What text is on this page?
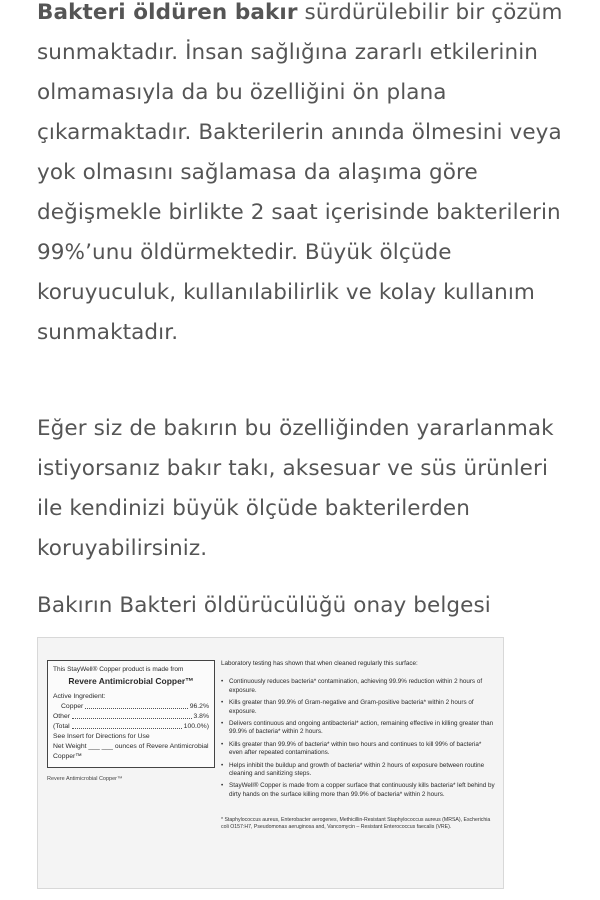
Bakteri öldüren bakır sürdürülebilir bir çözüm sunmaktadır. İnsan sağlığına zararlı etkilerinin olmamasıyla da bu özelliğini ön plana çıkarmaktadır. Bakterilerin anında ölmesini veya yok olmasını sağlamasa da alaşıma göre değişmekle birlikte 2 saat içerisinde bakterilerin 99%’unu öldürmektedir. Büyük ölçüde koruyuculuk, kullanılabilirlik ve kolay kullanım sunmaktadır.

Eğer siz de bakırın bu özelliğinden yararlanmak istiyorsanız bakır takı, aksesuar ve süs ürünleri ile kendinizi büyük ölçüde bakterilerden koruyabilirsiniz.

Bakırın Bakteri öldürücülüğü onay belgesi

This StayWell® Copper product is made from
Revere Antimicrobial Copper™
Active Ingredient:
Copper	96.2%
Other	3.8%
(Total	100.0%)
See Insert for Directions for Use
Net Weight ___ ___ ounces of Revere Antimicrobial Copper™
Revere Antimicrobial Copper™
Laboratory testing has shown that when cleaned regularly this surface:
• Continuously reduces bacteria* contamination, achieving 99.9% reduction within 2 hours of exposure.
• Kills greater than 99.9% of Gram-negative and Gram-positive bacteria* within 2 hours of exposure.
• Delivers continuous and ongoing antibacterial* action, remaining effective in killing greater than 99.9% of bacteria* within 2 hours.
• Kills greater than 99.9% of bacteria* within two hours and continues to kill 99% of bacteria* even after repeated contaminations.
• Helps inhibit the buildup and growth of bacteria* within 2 hours of exposure between routine cleaning and sanitizing steps.
• StayWell® Copper is made from a copper surface that continuously kills bacteria* left behind by dirty hands on the surface killing more than 99.9% of bacteria* within 2 hours.
* Staphylococcus aureus, Enterobacter aerogenes, Methicillin-Resistant Staphylococcus aureus (MRSA), Escherichia coli O157:H7, Pseudomonas aeruginosa and, Vancomycin – Resistant Enterococcus faecalis (VRE).
